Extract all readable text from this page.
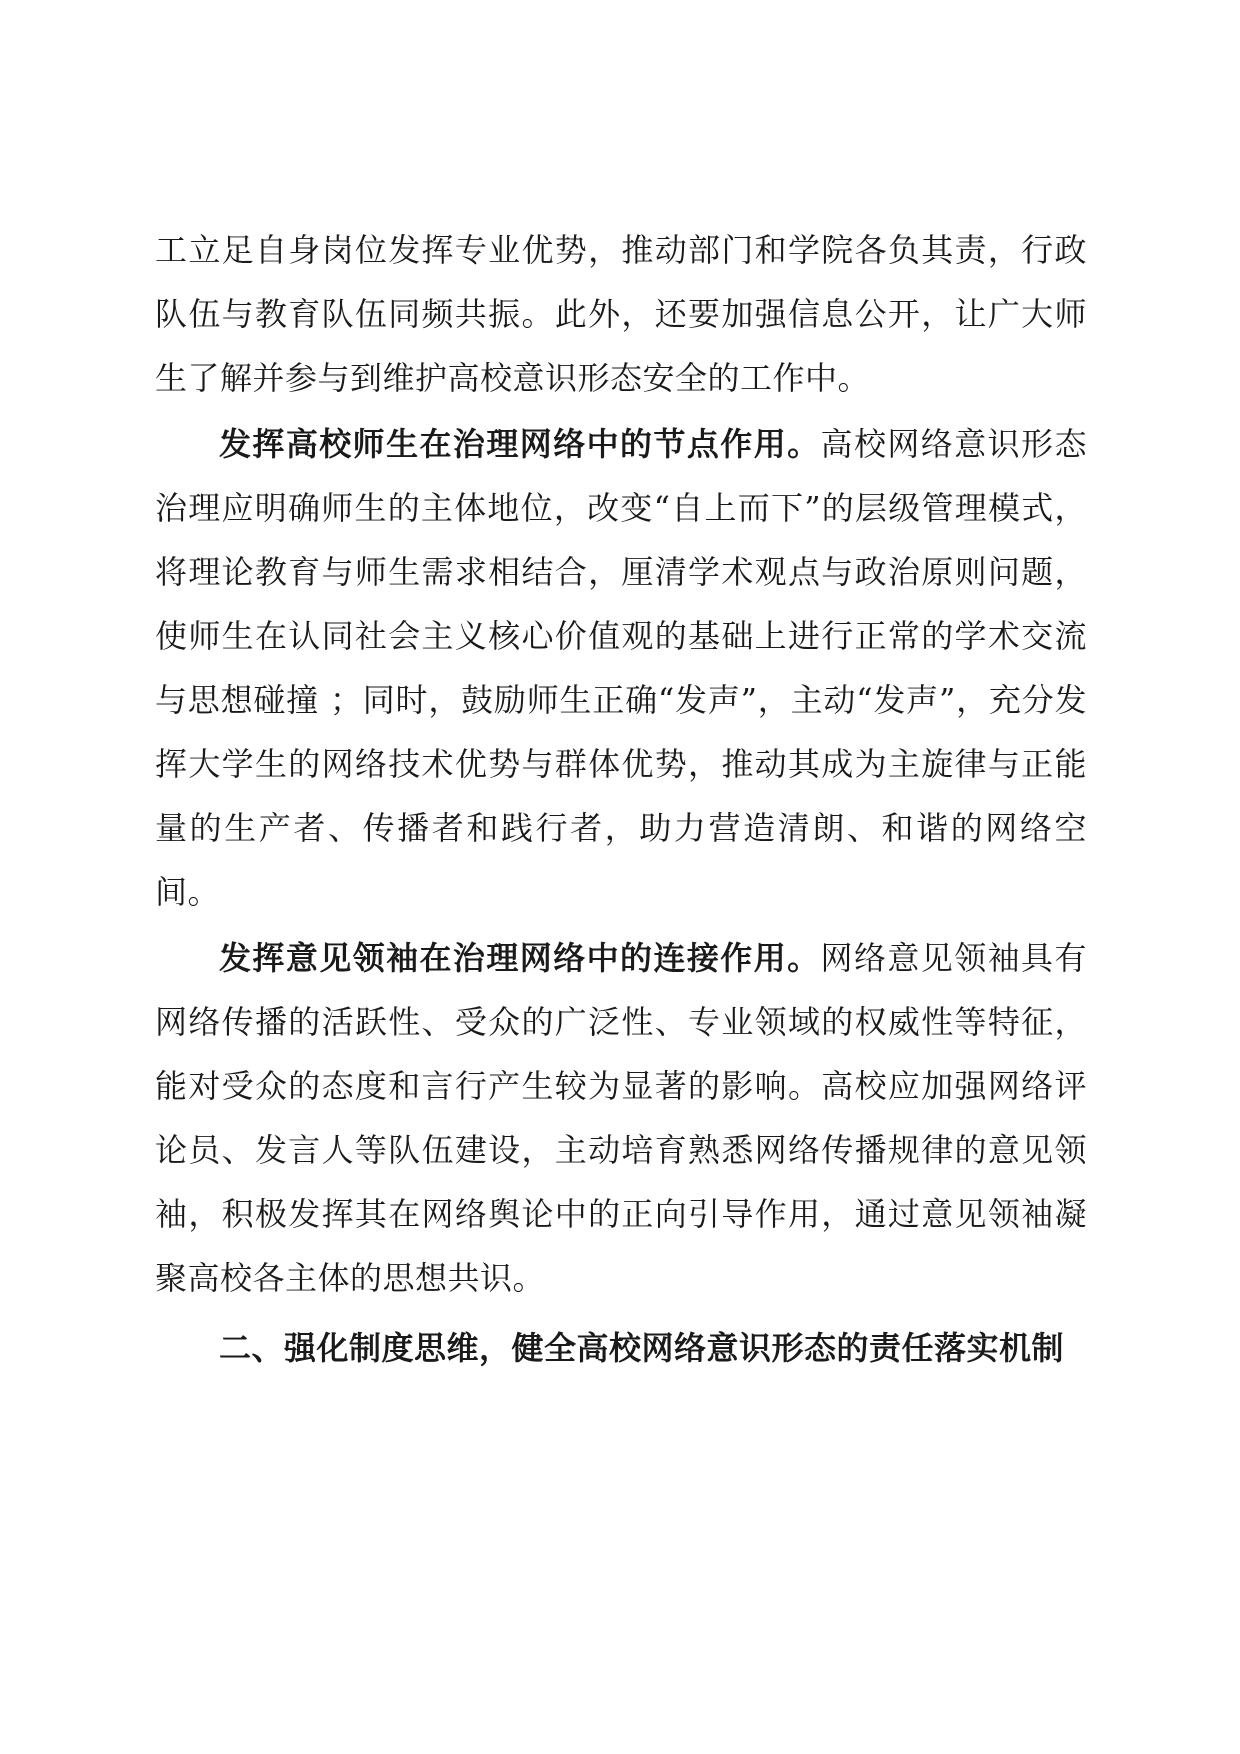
工立足自身岗位发挥专业优势，推动部门和学院各负其责，行政队伍与教育队伍同频共振。此外，还要加强信息公开，让广大师生了解并参与到维护高校意识形态安全的工作中。

发挥高校师生在治理网络中的节点作用。高校网络意识形态治理应明确师生的主体地位，改变“自上而下”的层级管理模式，将理论教育与师生需求相结合，厘清学术观点与政治原则问题，使师生在认同社会主义核心价值观的基础上进行正常的学术交流与思想碰撞 ；同时，鼓励师生正确“发声”，主动“发声”，充分发挥大学生的网络技术优势与群体优势，推动其成为主旋律与正能量的生产者、传播者和践行者，助力营造清朗、和谐的网络空间。

发挥意见领袖在治理网络中的连接作用。网络意见领袖具有网络传播的活跃性、受众的广泛性、专业领域的权威性等特征，能对受众的态度和言行产生较为显著的影响。高校应加强网络评论员、发言人等队伍建设，主动培育熟悉网络传播规律的意见领袖，积极发挥其在网络舆论中的正向引导作用，通过意见领袖凝聚高校各主体的思想共识。

二、强化制度思维，健全高校网络意识形态的责任落实机制
